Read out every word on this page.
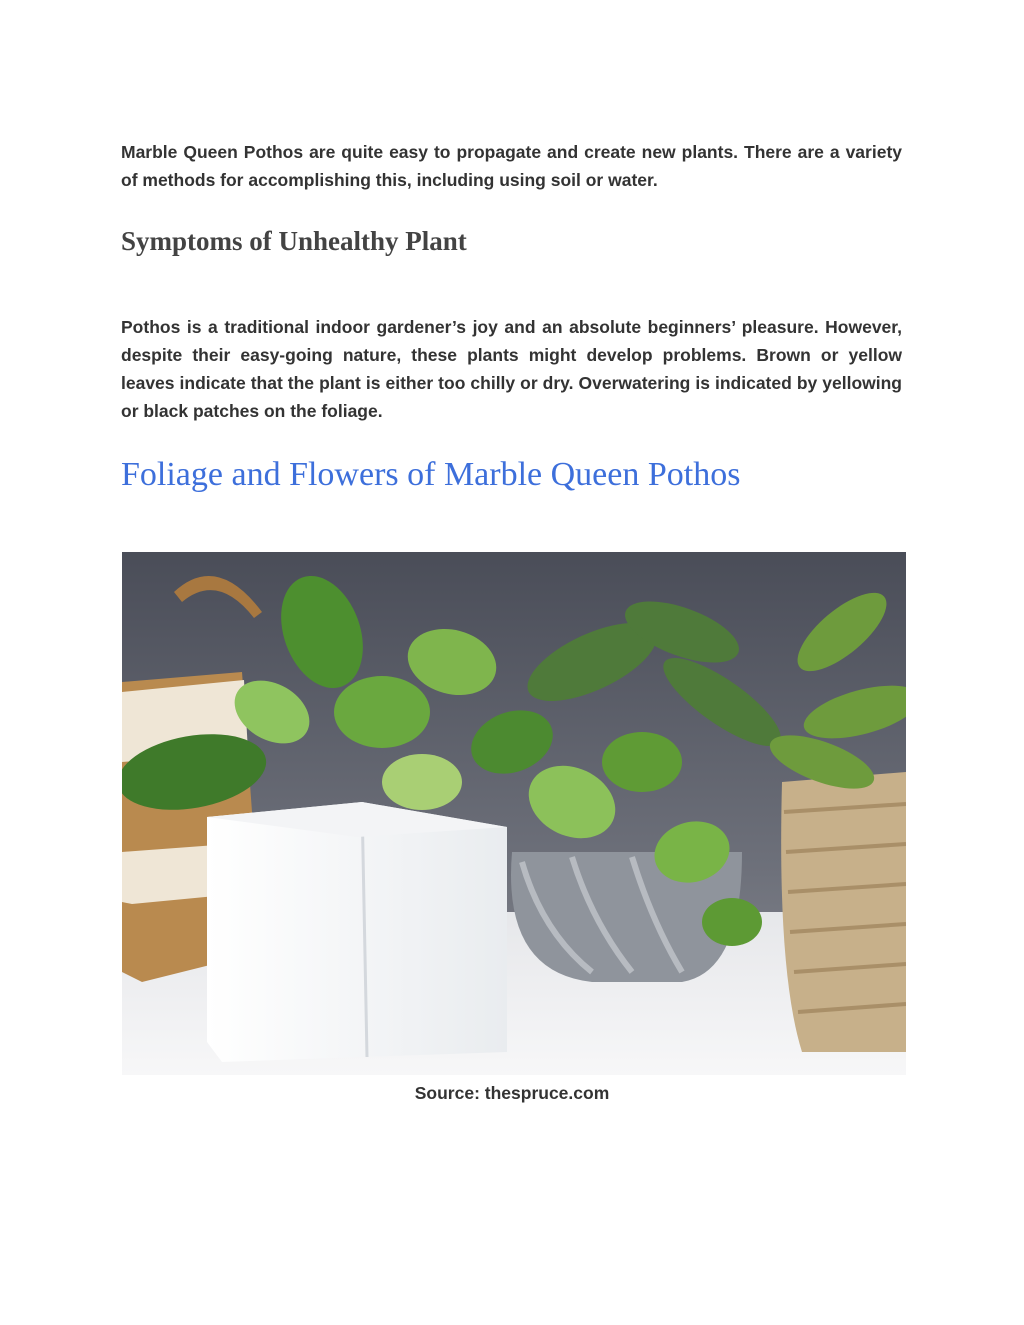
Marble Queen Pothos are quite easy to propagate and create new plants. There are a variety of methods for accomplishing this, including using soil or water.

Symptoms of Unhealthy Plant

Pothos is a traditional indoor gardener’s joy and an absolute beginners’ pleasure. However, despite their easy-going nature, these plants might develop problems. Brown or yellow leaves indicate that the plant is either too chilly or dry. Overwatering is indicated by yellowing or black patches on the foliage.

Foliage and Flowers of Marble Queen Pothos

Source: thespruce.com
